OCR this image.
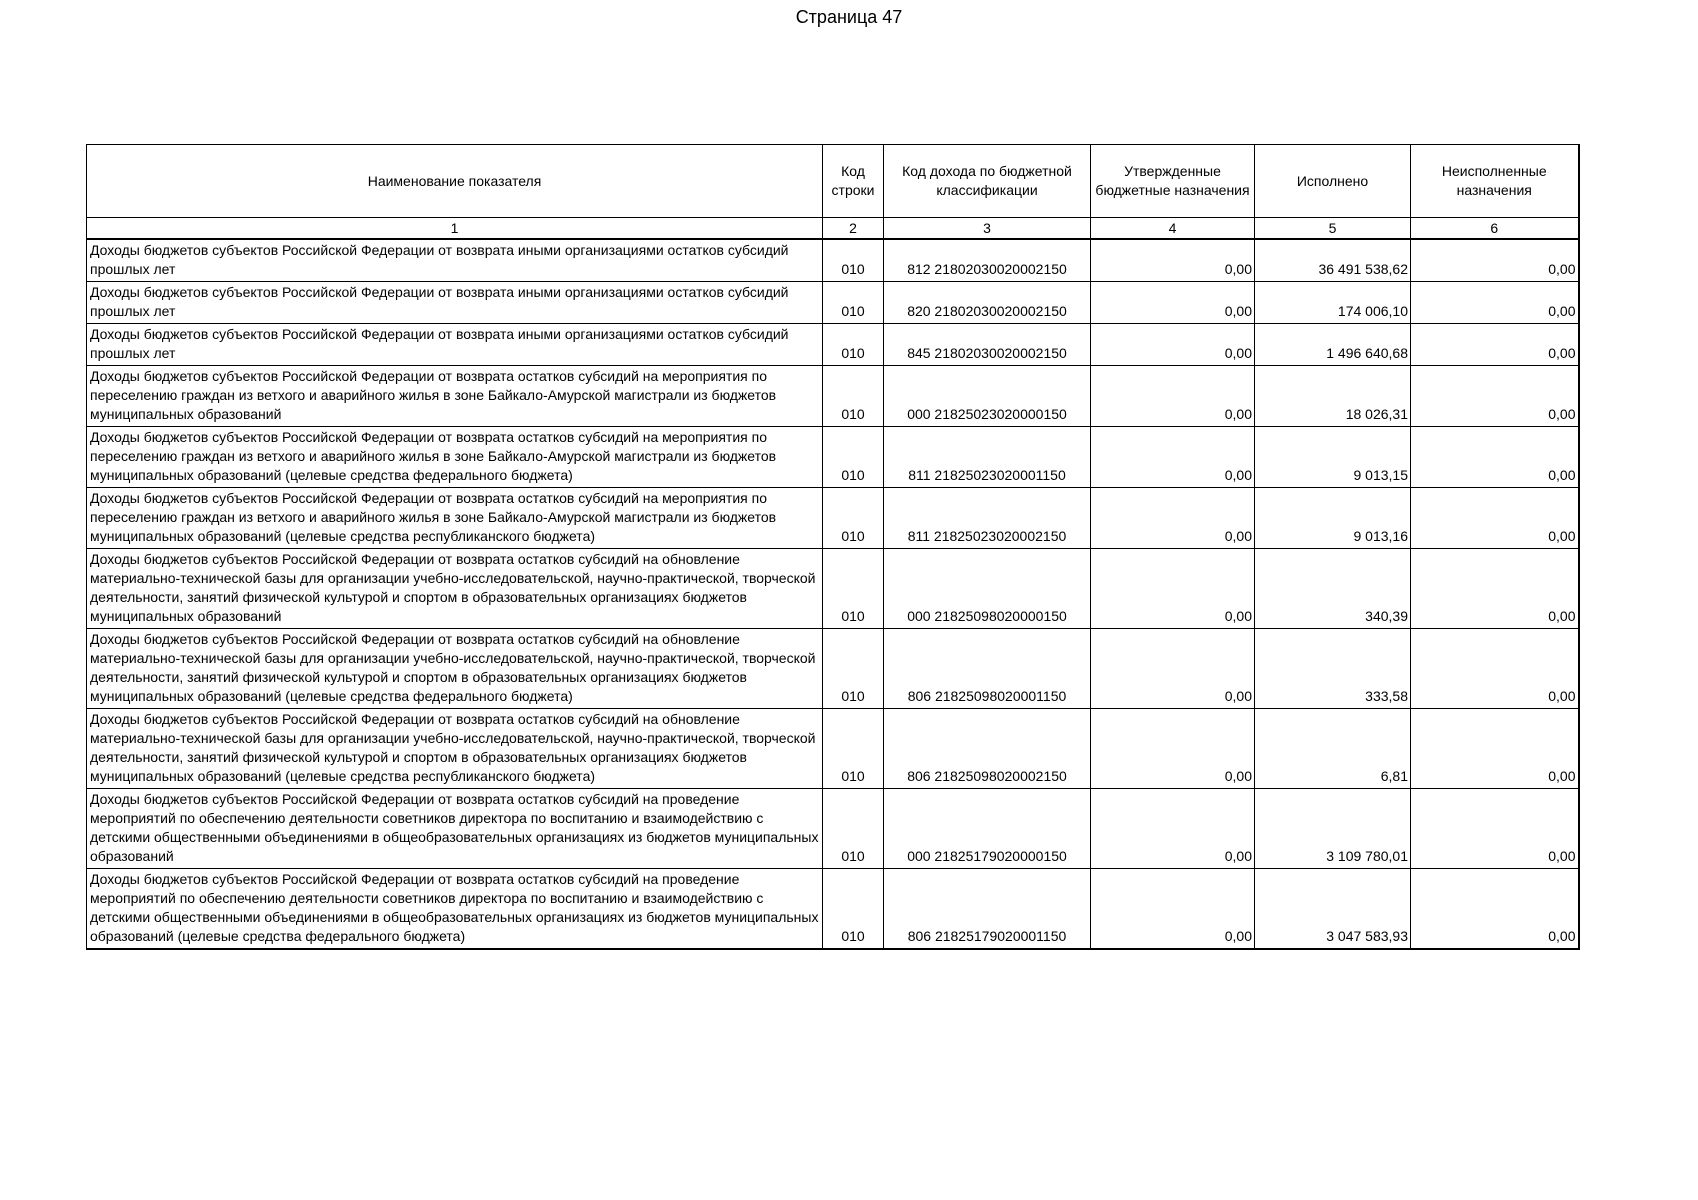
Страница 47
Наименование показателя	Код строки	Код дохода по бюджетной классификации	Утвержденные бюджетные назначения	Исполнено	Неисполненные назначения
1	2	3	4	5	6
Доходы бюджетов субъектов Российской Федерации от возврата иными организациями остатков субсидий прошлых лет	010	812 21802030020002150	0,00	36 491 538,62	0,00
Доходы бюджетов субъектов Российской Федерации от возврата иными организациями остатков субсидий прошлых лет	010	820 21802030020002150	0,00	174 006,10	0,00
Доходы бюджетов субъектов Российской Федерации от возврата иными организациями остатков субсидий прошлых лет	010	845 21802030020002150	0,00	1 496 640,68	0,00
Доходы бюджетов субъектов Российской Федерации от возврата остатков субсидий на мероприятия по переселению граждан из ветхого и аварийного жилья в зоне Байкало-Амурской магистрали из бюджетов муниципальных образований	010	000 21825023020000150	0,00	18 026,31	0,00
Доходы бюджетов субъектов Российской Федерации от возврата остатков субсидий на мероприятия по переселению граждан из ветхого и аварийного жилья в зоне Байкало-Амурской магистрали из бюджетов муниципальных образований (целевые средства федерального бюджета)	010	811 21825023020001150	0,00	9 013,15	0,00
Доходы бюджетов субъектов Российской Федерации от возврата остатков субсидий на мероприятия по переселению граждан из ветхого и аварийного жилья в зоне Байкало-Амурской магистрали из бюджетов муниципальных образований (целевые средства республиканского бюджета)	010	811 21825023020002150	0,00	9 013,16	0,00
Доходы бюджетов субъектов Российской Федерации от возврата остатков субсидий на обновление материально-технической базы для организации учебно-исследовательской, научно-практической, творческой деятельности, занятий физической культурой и спортом в образовательных организациях бюджетов муниципальных образований	010	000 21825098020000150	0,00	340,39	0,00
Доходы бюджетов субъектов Российской Федерации от возврата остатков субсидий на обновление материально-технической базы для организации учебно-исследовательской, научно-практической, творческой деятельности, занятий физической культурой и спортом в образовательных организациях бюджетов муниципальных образований (целевые средства федерального бюджета)	010	806 21825098020001150	0,00	333,58	0,00
Доходы бюджетов субъектов Российской Федерации от возврата остатков субсидий на обновление материально-технической базы для организации учебно-исследовательской, научно-практической, творческой деятельности, занятий физической культурой и спортом в образовательных организациях бюджетов муниципальных образований (целевые средства республиканского бюджета)	010	806 21825098020002150	0,00	6,81	0,00
Доходы бюджетов субъектов Российской Федерации от возврата остатков субсидий на проведение мероприятий по обеспечению деятельности советников директора по воспитанию и взаимодействию с детскими общественными объединениями в общеобразовательных организациях из бюджетов муниципальных образований	010	000 21825179020000150	0,00	3 109 780,01	0,00
Доходы бюджетов субъектов Российской Федерации от возврата остатков субсидий на проведение мероприятий по обеспечению деятельности советников директора по воспитанию и взаимодействию с детскими общественными объединениями в общеобразовательных организациях из бюджетов муниципальных образований (целевые средства федерального бюджета)	010	806 21825179020001150	0,00	3 047 583,93	0,00
